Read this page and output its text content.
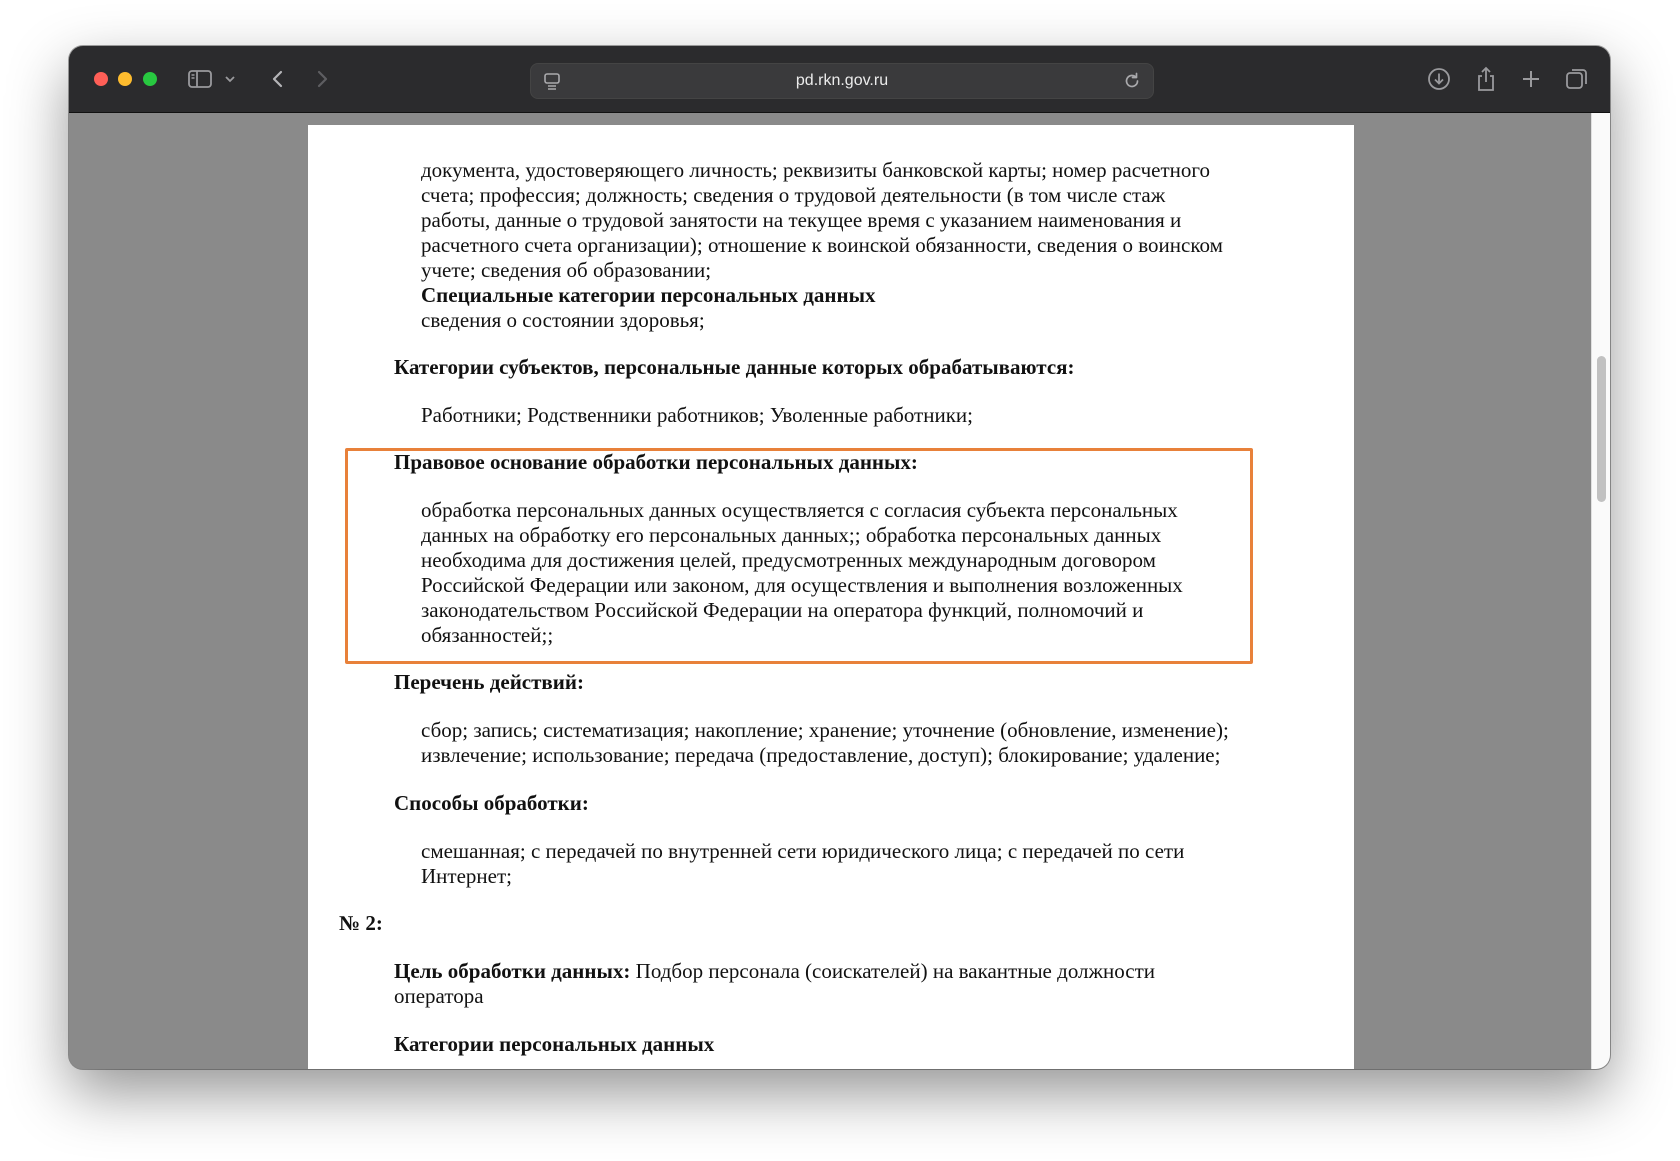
pd.rkn.gov.ru

документа, удостоверяющего личность; реквизиты банковской карты; номер расчетного

счета; профессия; должность; сведения о трудовой деятельности (в том числе стаж

работы, данные о трудовой занятости на текущее время с указанием наименования и

расчетного счета организации); отношение к воинской обязанности, сведения о воинском

учете; сведения об образовании;

Специальные категории персональных данных

сведения о состоянии здоровья;

Категории субъектов, персональные данные которых обрабатываются:

Работники; Родственники работников; Уволенные работники;

Правовое основание обработки персональных данных:

обработка персональных данных осуществляется с согласия субъекта персональных

данных на обработку его персональных данных;; обработка персональных данных

необходима для достижения целей, предусмотренных международным договором

Российской Федерации или законом, для осуществления и выполнения возложенных

законодательством Российской Федерации на оператора функций, полномочий и

обязанностей;;

Перечень действий:

сбор; запись; систематизация; накопление; хранение; уточнение (обновление, изменение);

извлечение; использование; передача (предоставление, доступ); блокирование; удаление;

Способы обработки:

смешанная; с передачей по внутренней сети юридического лица; с передачей по сети

Интернет;

№ 2:

Цель обработки данных: Подбор персонала (соискателей) на вакантные должности

оператора

Категории персональных данных
